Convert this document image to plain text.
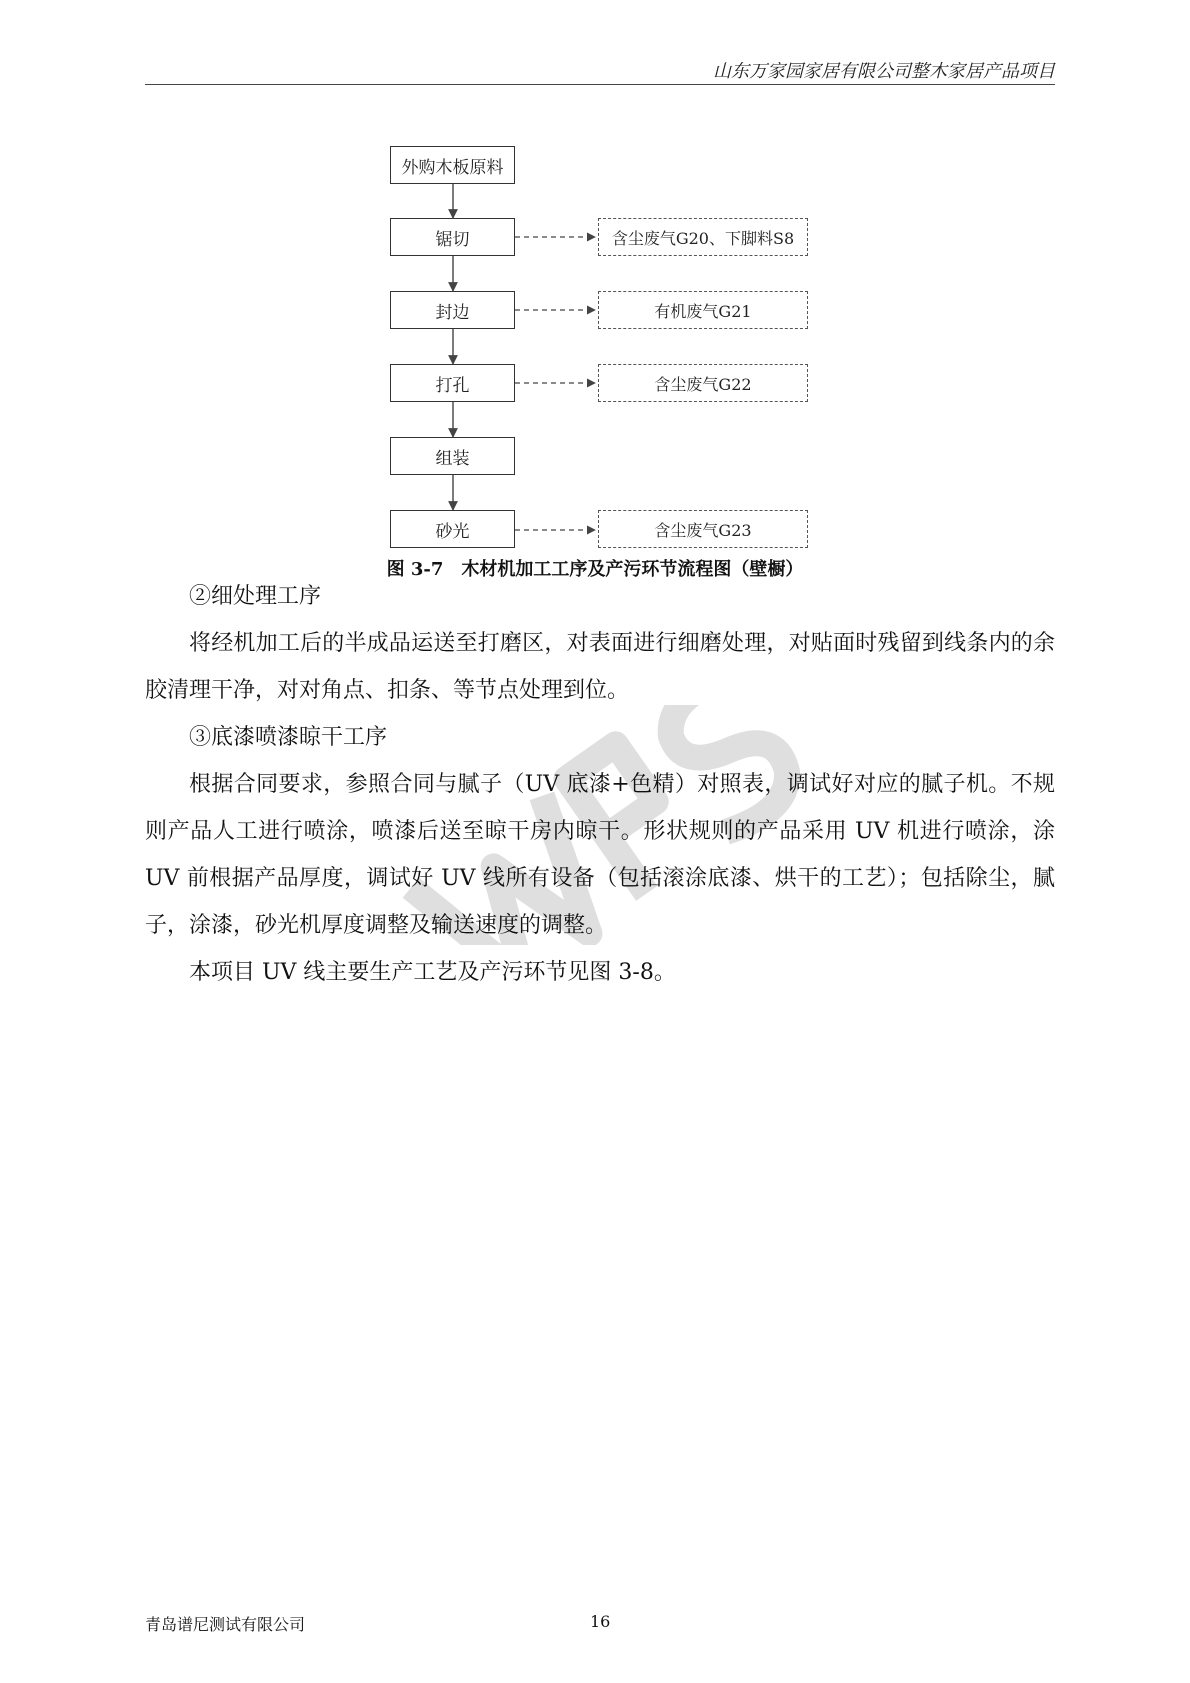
山东万家园家居有限公司整木家居产品项目
外购木板原料
锯切
封边
打孔
组装
砂光
含尘废气G20、下脚料S8
有机废气G21
含尘废气G22
含尘废气G23
图 3-7　木材机加工工序及产污环节流程图（壁橱）
②细处理工序
将经机加工后的半成品运送至打磨区，对表面进行细磨处理，对贴面时残留到线条内的余胶清理干净，对对角点、扣条、等节点处理到位。
③底漆喷漆晾干工序
根据合同要求，参照合同与腻子（UV 底漆+色精）对照表，调试好对应的腻子机。不规则产品人工进行喷涂，喷漆后送至晾干房内晾干。形状规则的产品采用 UV 机进行喷涂，涂 UV 前根据产品厚度，调试好 UV 线所有设备（包括滚涂底漆、烘干的工艺）；包括除尘，腻子，涂漆，砂光机厚度调整及输送速度的调整。
本项目 UV 线主要生产工艺及产污环节见图 3-8。
青岛谱尼测试有限公司	16
